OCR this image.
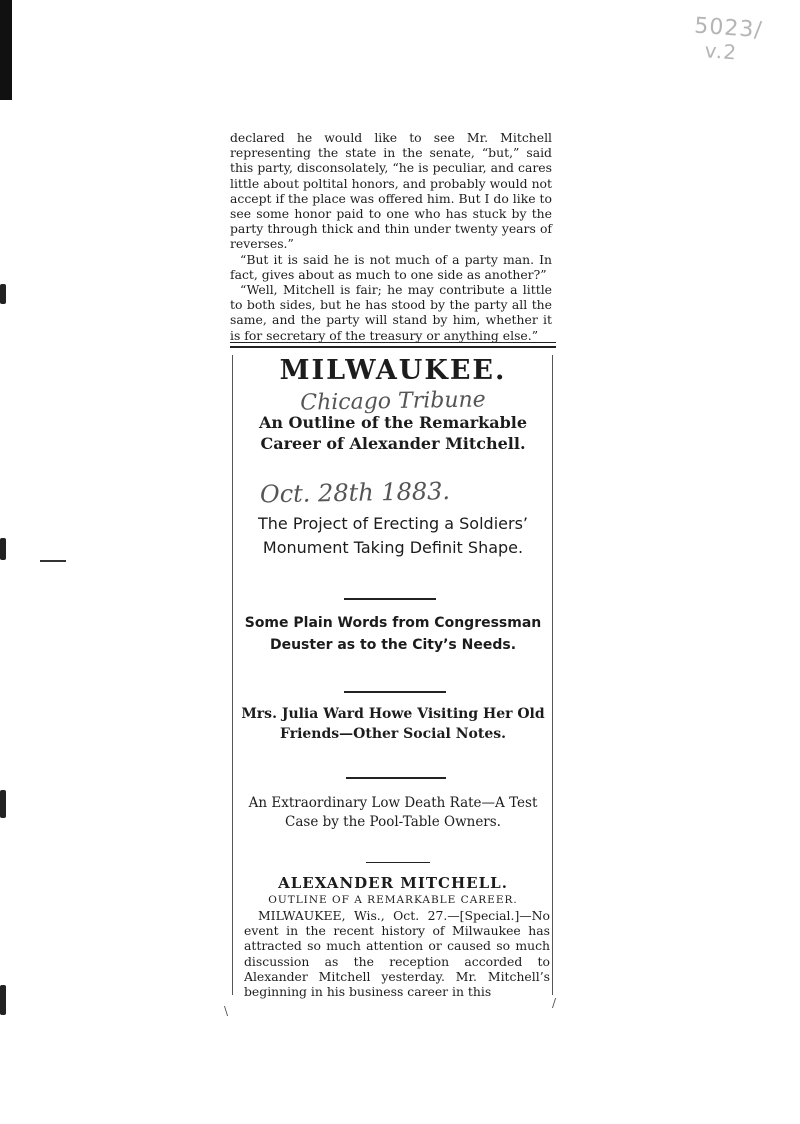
5023/
v.2

declared he would like to see Mr. Mitchell representing the state in the senate, “but,” said this party, disconsolately, “he is peculiar, and cares little about poltital honors, and probably would not accept if the place was offered him. But I do like to see some honor paid to one who has stuck by the party through thick and thin under twenty years of reverses.”

“But it is said he is not much of a party man. In fact, gives about as much to one side as another?”

“Well, Mitchell is fair; he may contribute a little to both sides, but he has stood by the party all the same, and the party will stand by him, whether it is for secretary of the treasury or anything else.”

MILWAUKEE.

Chicago Tribune

An Outline of the Remarkable Career of Alexander Mitchell.

Oct. 28th 1883.

The Project of Erecting a Soldiers’ Monument Taking Definit Shape.

Some Plain Words from Congressman Deuster as to the City’s Needs.

Mrs. Julia Ward Howe Visiting Her Old Friends—Other Social Notes.

An Extraordinary Low Death Rate—A Test Case by the Pool-Table Owners.

ALEXANDER MITCHELL.

OUTLINE OF A REMARKABLE CAREER.

MILWAUKEE, Wis., Oct. 27.—[Special.]—No event in the recent history of Milwaukee has attracted so much attention or caused so much discussion as the reception accorded to Alexander Mitchell yesterday. Mr. Mitchell’s beginning in his business career in this

\
/
